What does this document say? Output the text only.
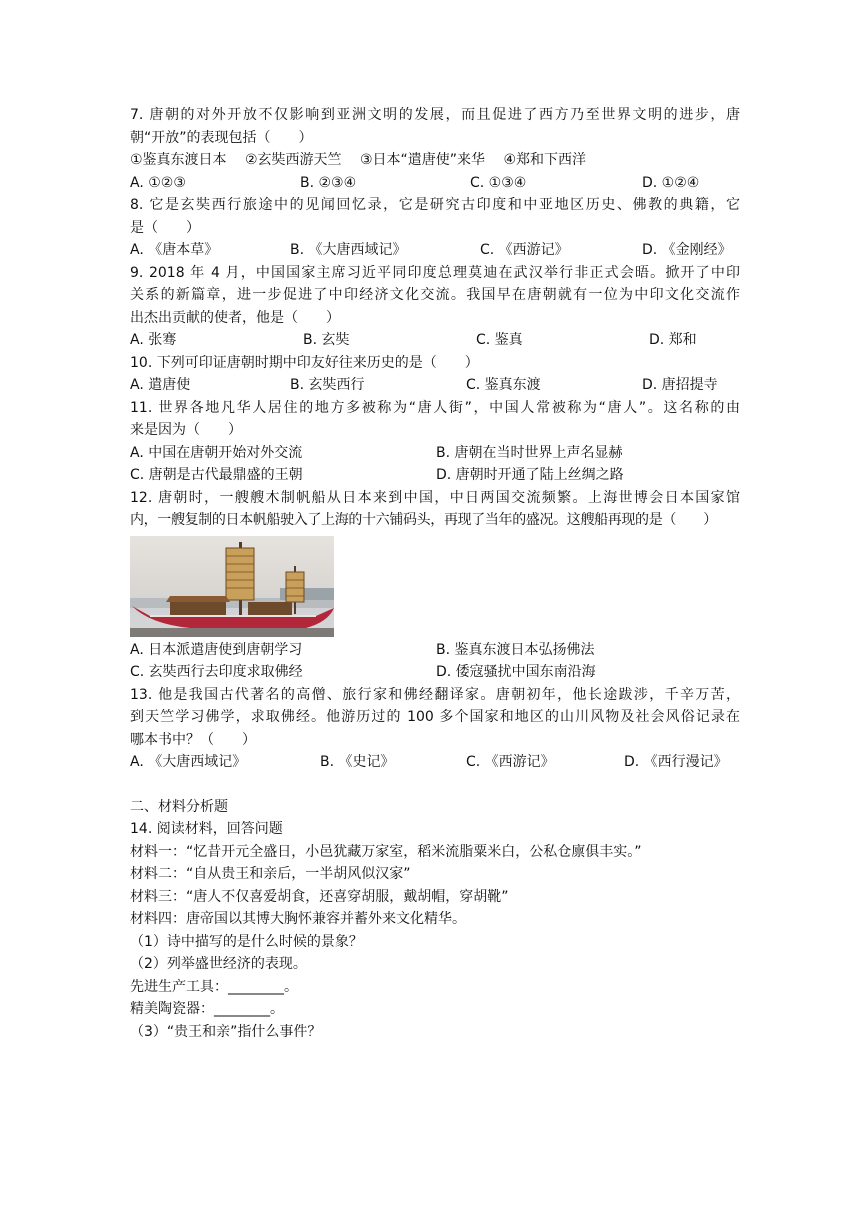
7. 唐朝的对外开放不仅影响到亚洲文明的发展，而且促进了西方乃至世界文明的进步，唐
朝“开放”的表现包括（　　）
①鉴真东渡日本　 ②玄奘西游天竺　 ③日本“遣唐使”来华　 ④郑和下西洋
A. ①②③	B. ②③④	C. ①③④	D. ①②④
8. 它是玄奘西行旅途中的见闻回忆录，它是研究古印度和中亚地区历史、佛教的典籍，它
是（　　）
A. 《唐本草》	B. 《大唐西域记》	C. 《西游记》	D. 《金刚经》
9. 2018 年 4 月，中国国家主席习近平同印度总理莫迪在武汉举行非正式会晤。掀开了中印
关系的新篇章，进一步促进了中印经济文化交流。我国早在唐朝就有一位为中印文化交流作
出杰出贡献的使者，他是（　　）
A. 张骞	B. 玄奘	C. 鉴真	D. 郑和
10. 下列可印证唐朝时期中印友好往来历史的是（　　）
A. 遣唐使	B. 玄奘西行	C. 鉴真东渡	D. 唐招提寺
11. 世界各地凡华人居住的地方多被称为“唐人街”，中国人常被称为“唐人”。这名称的由
来是因为（　　）
A. 中国在唐朝开始对外交流	B. 唐朝在当时世界上声名显赫
C. 唐朝是古代最鼎盛的王朝	D. 唐朝时开通了陆上丝绸之路
12. 唐朝时，一艘艘木制帆船从日本来到中国，中日两国交流频繁。上海世博会日本国家馆
内，一艘复制的日本帆船驶入了上海的十六铺码头，再现了当年的盛况。这艘船再现的是（　　）
A. 日本派遣唐使到唐朝学习	B. 鉴真东渡日本弘扬佛法
C. 玄奘西行去印度求取佛经	D. 倭寇骚扰中国东南沿海
13. 他是我国古代著名的高僧、旅行家和佛经翻译家。唐朝初年，他长途跋涉，千辛万苦，
到天竺学习佛学，求取佛经。他游历过的 100 多个国家和地区的山川风物及社会风俗记录在
哪本书中？（　　）
A. 《大唐西域记》	B. 《史记》	C. 《西游记》	D. 《西行漫记》
二、材料分析题
14. 阅读材料，回答问题
材料一：“忆昔开元全盛日，小邑犹藏万家室，稻米流脂粟米白，公私仓廪俱丰实。”
材料二：“自从贵王和亲后，一半胡风似汉家”
材料三：“唐人不仅喜爱胡食，还喜穿胡服，戴胡帽，穿胡靴”
材料四：唐帝国以其博大胸怀兼容并蓄外来文化精华。
（1）诗中描写的是什么时候的景象？
（2）列举盛世经济的表现。
先进生产工具：________。
精美陶瓷器：________。
（3）“贵王和亲”指什么事件？
